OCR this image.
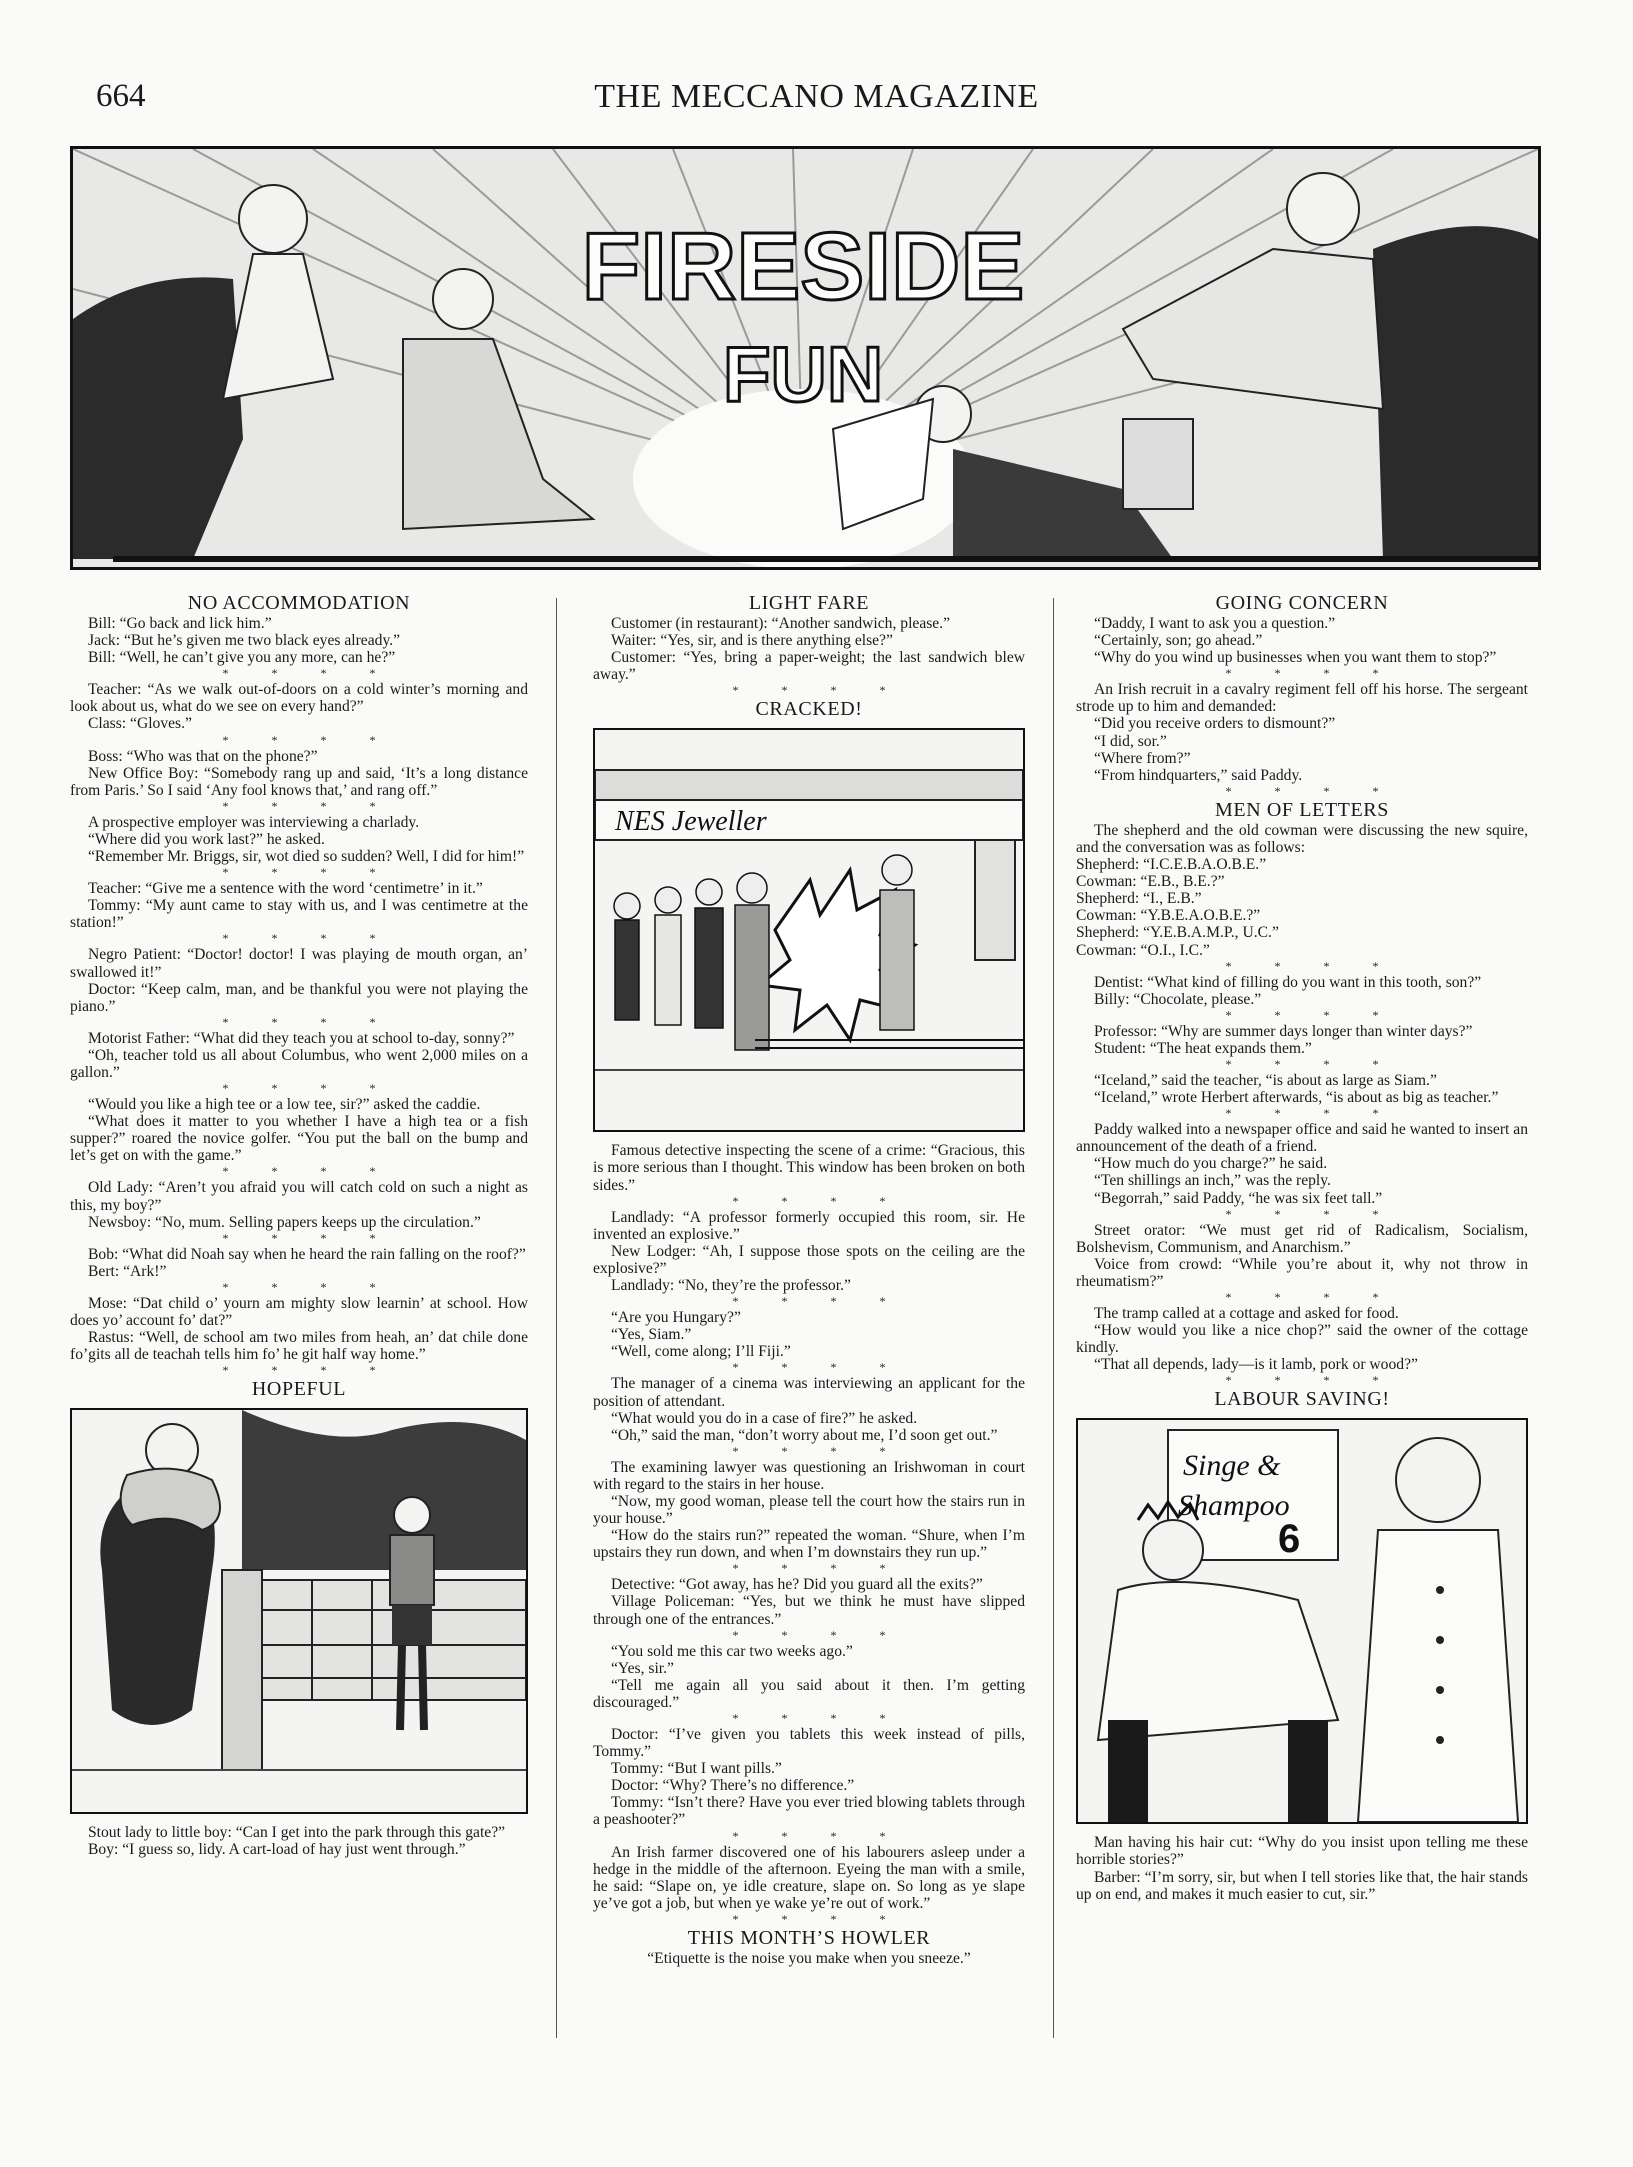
664	THE MECCANO MAGAZINE
FIRESIDE
FUN
NO ACCOMMODATION

Bill: “Go back and lick him.”

Jack: “But he’s given me two black eyes already.”

Bill: “Well, he can’t give you any more, can he?”

* * * *

Teacher: “As we walk out-of-doors on a cold winter’s morning and look about us, what do we see on every hand?”

Class: “Gloves.”

* * * *

Boss: “Who was that on the phone?”

New Office Boy: “Somebody rang up and said, ‘It’s a long distance from Paris.’ So I said ‘Any fool knows that,’ and rang off.”

* * * *

A prospective employer was interviewing a charlady.

“Where did you work last?” he asked.

“Remember Mr. Briggs, sir, wot died so sudden? Well, I did for him!”

* * * *

Teacher: “Give me a sentence with the word ‘centimetre’ in it.”

Tommy: “My aunt came to stay with us, and I was centimetre at the station!”

* * * *

Negro Patient: “Doctor! doctor! I was playing de mouth organ, an’ swallowed it!”

Doctor: “Keep calm, man, and be thankful you were not playing the piano.”

* * * *

Motorist Father: “What did they teach you at school to-day, sonny?”

“Oh, teacher told us all about Columbus, who went 2,000 miles on a gallon.”

* * * *

“Would you like a high tee or a low tee, sir?” asked the caddie.

“What does it matter to you whether I have a high tea or a fish supper?” roared the novice golfer. “You put the ball on the bump and let’s get on with the game.”

* * * *

Old Lady: “Aren’t you afraid you will catch cold on such a night as this, my boy?”

Newsboy: “No, mum. Selling papers keeps up the circulation.”

* * * *

Bob: “What did Noah say when he heard the rain falling on the roof?”

Bert: “Ark!”

* * * *

Mose: “Dat child o’ yourn am mighty slow learnin’ at school. How does yo’ account fo’ dat?”

Rastus: “Well, de school am two miles from heah, an’ dat chile done fo’gits all de teachah tells him fo’ he git half way home.”

* * * *

HOPEFUL

Stout lady to little boy: “Can I get into the park through this gate?”

Boy: “I guess so, lidy. A cart-load of hay just went through.”

LIGHT FARE

Customer (in restaurant): “Another sandwich, please.”

Waiter: “Yes, sir, and is there anything else?”

Customer: “Yes, bring a paper-weight; the last sandwich blew away.”

* * * *

CRACKED!
NES Jeweller

Famous detective inspecting the scene of a crime: “Gracious, this is more serious than I thought. This window has been broken on both sides.”

* * * *

Landlady: “A professor formerly occupied this room, sir. He invented an explosive.”

New Lodger: “Ah, I suppose those spots on the ceiling are the explosive?”

Landlady: “No, they’re the professor.”

* * * *

“Are you Hungary?”

“Yes, Siam.”

“Well, come along; I’ll Fiji.”

* * * *

The manager of a cinema was interviewing an applicant for the position of attendant.

“What would you do in a case of fire?” he asked.

“Oh,” said the man, “don’t worry about me, I’d soon get out.”

* * * *

The examining lawyer was questioning an Irishwoman in court with regard to the stairs in her house.

“Now, my good woman, please tell the court how the stairs run in your house.”

“How do the stairs run?” repeated the woman. “Shure, when I’m upstairs they run down, and when I’m downstairs they run up.”

* * * *

Detective: “Got away, has he? Did you guard all the exits?”

Village Policeman: “Yes, but we think he must have slipped through one of the entrances.”

* * * *

“You sold me this car two weeks ago.”

“Yes, sir.”

“Tell me again all you said about it then. I’m getting discouraged.”

* * * *

Doctor: “I’ve given you tablets this week instead of pills, Tommy.”

Tommy: “But I want pills.”

Doctor: “Why? There’s no difference.”

Tommy: “Isn’t there? Have you ever tried blowing tablets through a peashooter?”

* * * *

An Irish farmer discovered one of his labourers asleep under a hedge in the middle of the afternoon. Eyeing the man with a smile, he said: “Slape on, ye idle creature, slape on. So long as ye slape ye’ve got a job, but when ye wake ye’re out of work.”

* * * *

THIS MONTH’S HOWLER

“Etiquette is the noise you make when you sneeze.”

GOING CONCERN

“Daddy, I want to ask you a question.”

“Certainly, son; go ahead.”

“Why do you wind up businesses when you want them to stop?”

* * * *

An Irish recruit in a cavalry regiment fell off his horse. The sergeant strode up to him and demanded:

“Did you receive orders to dismount?”

“I did, sor.”

“Where from?”

“From hindquarters,” said Paddy.

* * * *

MEN OF LETTERS

The shepherd and the old cowman were discussing the new squire, and the conversation was as follows:

Shepherd: “I.C.E.B.A.O.B.E.”

Cowman: “E.B., B.E.?”

Shepherd: “I., E.B.”

Cowman: “Y.B.E.A.O.B.E.?”

Shepherd: “Y.E.B.A.M.P., U.C.”

Cowman: “O.I., I.C.”

* * * *

Dentist: “What kind of filling do you want in this tooth, son?”

Billy: “Chocolate, please.”

* * * *

Professor: “Why are summer days longer than winter days?”

Student: “The heat expands them.”

* * * *

“Iceland,” said the teacher, “is about as large as Siam.”

“Iceland,” wrote Herbert afterwards, “is about as big as teacher.”

* * * *

Paddy walked into a newspaper office and said he wanted to insert an announcement of the death of a friend.

“How much do you charge?” he said.

“Ten shillings an inch,” was the reply.

“Begorrah,” said Paddy, “he was six feet tall.”

* * * *

Street orator: “We must get rid of Radicalism, Socialism, Bolshevism, Communism, and Anarchism.”

Voice from crowd: “While you’re about it, why not throw in rheumatism?”

* * * *

The tramp called at a cottage and asked for food.

“How would you like a nice chop?” said the owner of the cottage kindly.

“That all depends, lady—is it lamb, pork or wood?”

* * * *

LABOUR SAVING!
Singe &
Shampoo
6

Man having his hair cut: “Why do you insist upon telling me these horrible stories?”

Barber: “I’m sorry, sir, but when I tell stories like that, the hair stands up on end, and makes it much easier to cut, sir.”
